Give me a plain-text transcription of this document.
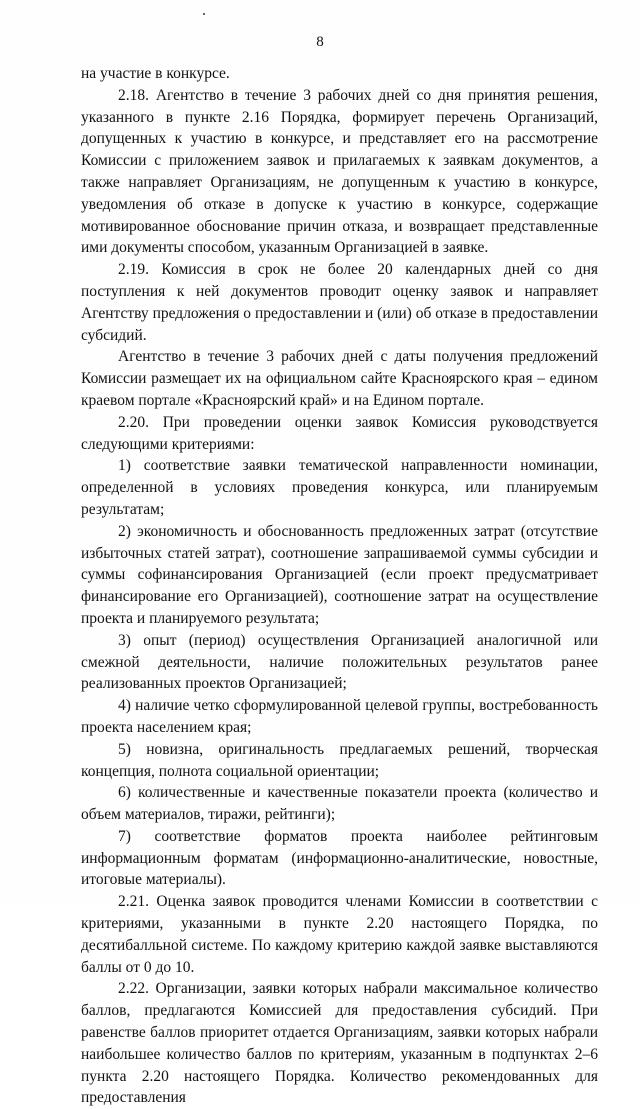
8

на участие в конкурсе.

2.18. Агентство в течение 3 рабочих дней со дня принятия решения, указанного в пункте 2.16 Порядка, формирует перечень Организаций, допущенных к участию в конкурсе, и представляет его на рассмотрение Комиссии с приложением заявок и прилагаемых к заявкам документов, а также направляет Организациям, не допущенным к участию в конкурсе, уведомления об отказе в допуске к участию в конкурсе, содержащие мотивированное обоснование причин отказа, и возвращает представленные ими документы способом, указанным Организацией в заявке.

2.19. Комиссия в срок не более 20 календарных дней со дня поступления к ней документов проводит оценку заявок и направляет Агентству предложения о предоставлении и (или) об отказе в предоставлении субсидий.

Агентство в течение 3 рабочих дней с даты получения предложений Комиссии размещает их на официальном сайте Красноярского края – едином краевом портале «Красноярский край» и на Едином портале.

2.20. При проведении оценки заявок Комиссия руководствуется следующими критериями:

1) соответствие заявки тематической направленности номинации, определенной в условиях проведения конкурса, или планируемым результатам;

2) экономичность и обоснованность предложенных затрат (отсутствие избыточных статей затрат), соотношение запрашиваемой суммы субсидии и суммы софинансирования Организацией (если проект предусматривает финансирование его Организацией), соотношение затрат на осуществление проекта и планируемого результата;

3) опыт (период) осуществления Организацией аналогичной или смежной деятельности, наличие положительных результатов ранее реализованных проектов Организацией;

4) наличие четко сформулированной целевой группы, востребованность проекта населением края;

5) новизна, оригинальность предлагаемых решений, творческая концепция, полнота социальной ориентации;

6) количественные и качественные показатели проекта (количество и объем материалов, тиражи, рейтинги);

7) соответствие форматов проекта наиболее рейтинговым информационным форматам (информационно-аналитические, новостные, итоговые материалы).

2.21. Оценка заявок проводится членами Комиссии в соответствии с критериями, указанными в пункте 2.20 настоящего Порядка, по десятибалльной системе. По каждому критерию каждой заявке выставляются баллы от 0 до 10.

2.22. Организации, заявки которых набрали максимальное количество баллов, предлагаются Комиссией для предоставления субсидий. При равенстве баллов приоритет отдается Организациям, заявки которых набрали наибольшее количество баллов по критериям, указанным в подпунктах 2–6 пункта 2.20 настоящего Порядка. Количество рекомендованных для предоставления
